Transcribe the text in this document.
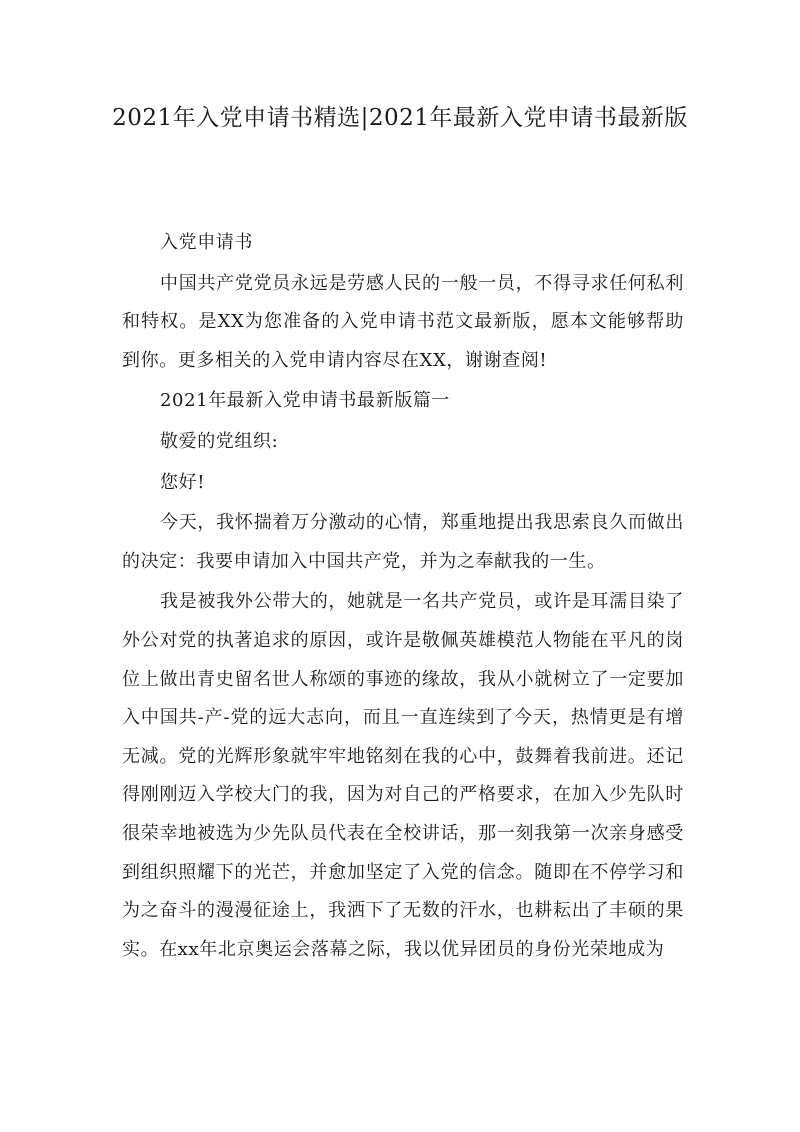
2021年入党申请书精选|2021年最新入党申请书最新版

入党申请书

中国共产党党员永远是劳感人民的一般一员，不得寻求任何私利和特权。是XX为您准备的入党申请书范文最新版，愿本文能够帮助到你。更多相关的入党申请内容尽在XX，谢谢查阅!

2021年最新入党申请书最新版篇一

敬爱的党组织:

您好!

今天，我怀揣着万分激动的心情，郑重地提出我思索良久而做出的决定：我要申请加入中国共产党，并为之奉献我的一生。

我是被我外公带大的，她就是一名共产党员，或许是耳濡目染了外公对党的执著追求的原因，或许是敬佩英雄模范人物能在平凡的岗位上做出青史留名世人称颂的事迹的缘故，我从小就树立了一定要加入中国共-产-党的远大志向，而且一直连续到了今天，热情更是有增无减。党的光辉形象就牢牢地铭刻在我的心中，鼓舞着我前进。还记得刚刚迈入学校大门的我，因为对自己的严格要求，在加入少先队时很荣幸地被选为少先队员代表在全校讲话，那一刻我第一次亲身感受到组织照耀下的光芒，并愈加坚定了入党的信念。随即在不停学习和为之奋斗的漫漫征途上，我洒下了无数的汗水，也耕耘出了丰硕的果实。在xx年北京奥运会落幕之际，我以优异团员的身份光荣地成为
